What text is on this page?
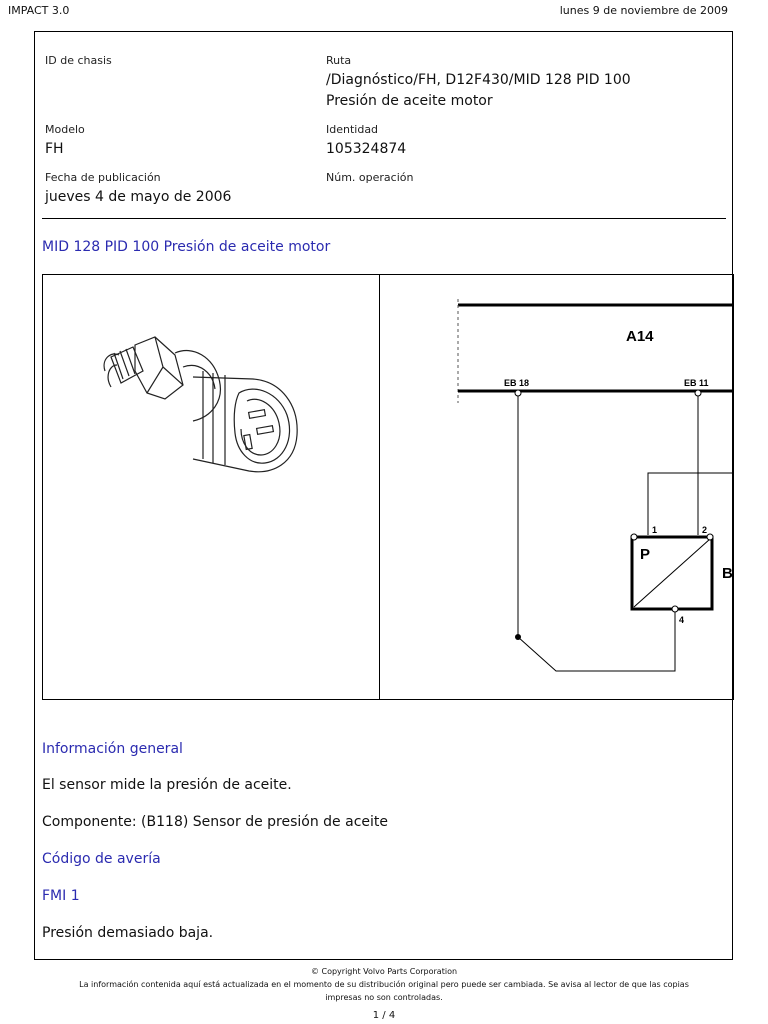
IMPACT 3.0	lunes 9 de noviembre de 2009
ID de chasis	Ruta
/Diagnóstico/FH, D12F430/MID 128 PID 100
Presión de aceite motor
Modelo
FH
Identidad
105324874
Fecha de publicación
jueves 4 de mayo de 2006
Núm. operación
MID 128 PID 100 Presión de aceite motor
A14
EB 18	EB 11
1	2
4
P
B
Información general
El sensor mide la presión de aceite.
Componente: (B118) Sensor de presión de aceite
Código de avería
FMI 1
Presión demasiado baja.
© Copyright Volvo Parts Corporation
La información contenida aquí está actualizada en el momento de su distribución original pero puede ser cambiada. Se avisa al lector de que las copias
impresas no son controladas.
1 / 4
